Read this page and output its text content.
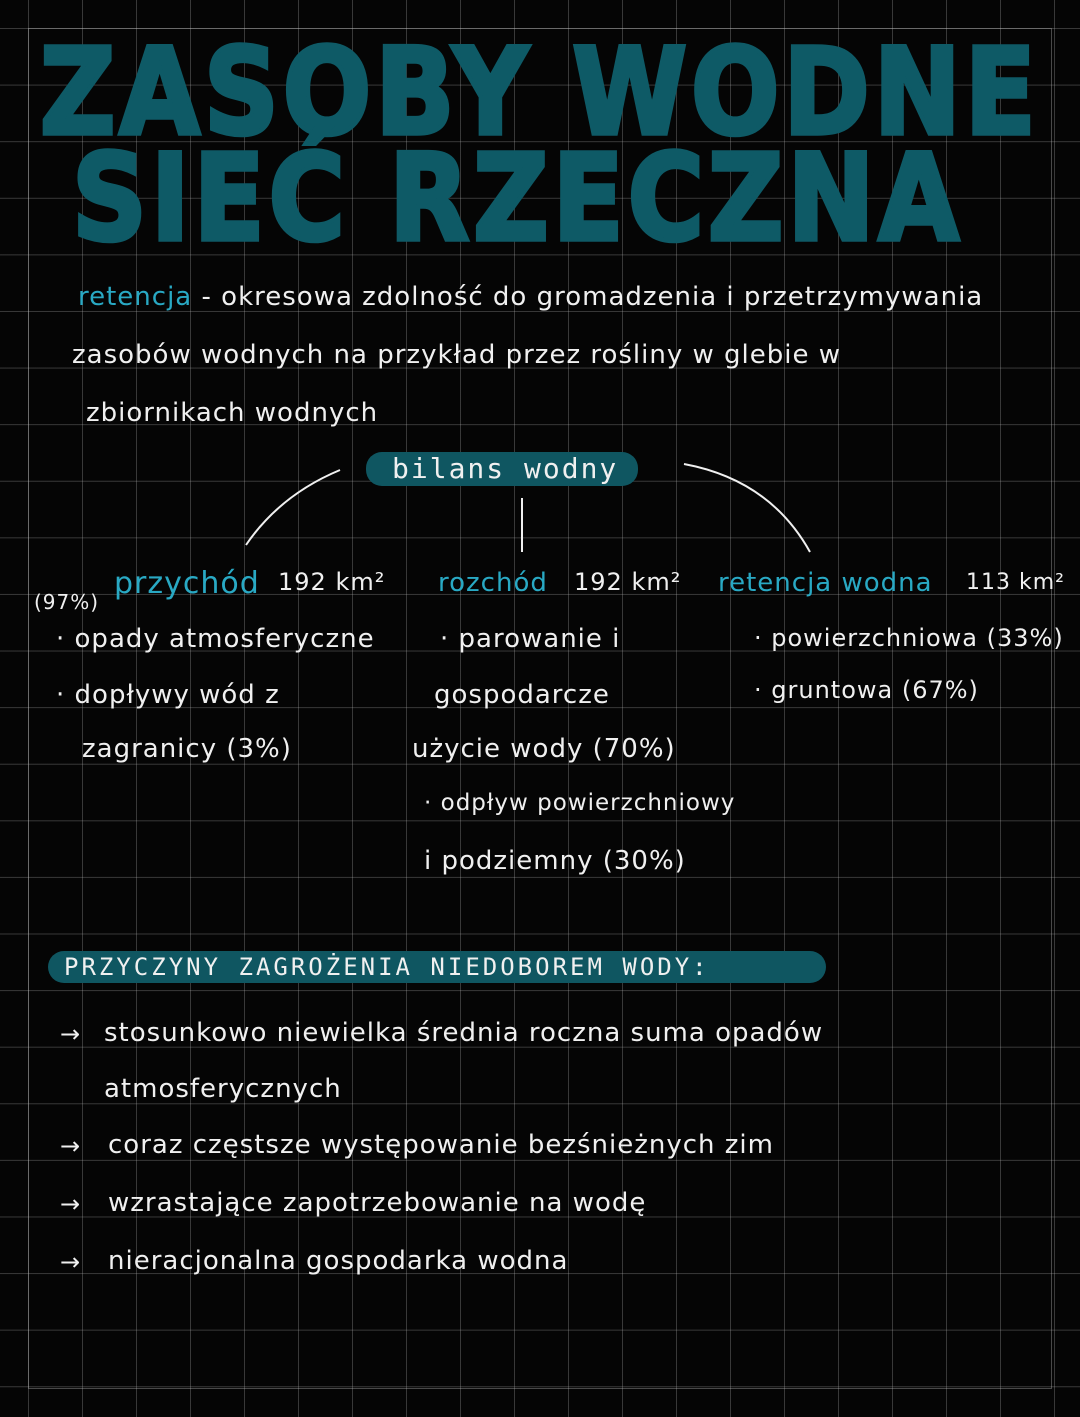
ZASOBY WODNE
SIEĆ RZECZNA
retencja - okresowa zdolność do gromadzenia i przetrzymywania
zasobów wodnych na przykład przez rośliny w glebie w
zbiornikach wodnych
bilans wodny
(97%)
przychód 192 km² rozchód 192 km² retencja wodna 113 km²
· opady atmosferyczne
· dopływy wód z
zagranicy (3%)
· parowanie i
gospodarcze
użycie wody (70%)
· odpływ powierzchniowy
i podziemny (30%)
· powierzchniowa (33%)
· gruntowa (67%)
PRZYCZYNY ZAGROŻENIA NIEDOBOREM WODY:
→ stosunkowo niewielka średnia roczna suma opadów
atmosferycznych
→ coraz częstsze występowanie bezśnieżnych zim
→ wzrastające zapotrzebowanie na wodę
→ nieracjonalna gospodarka wodna
